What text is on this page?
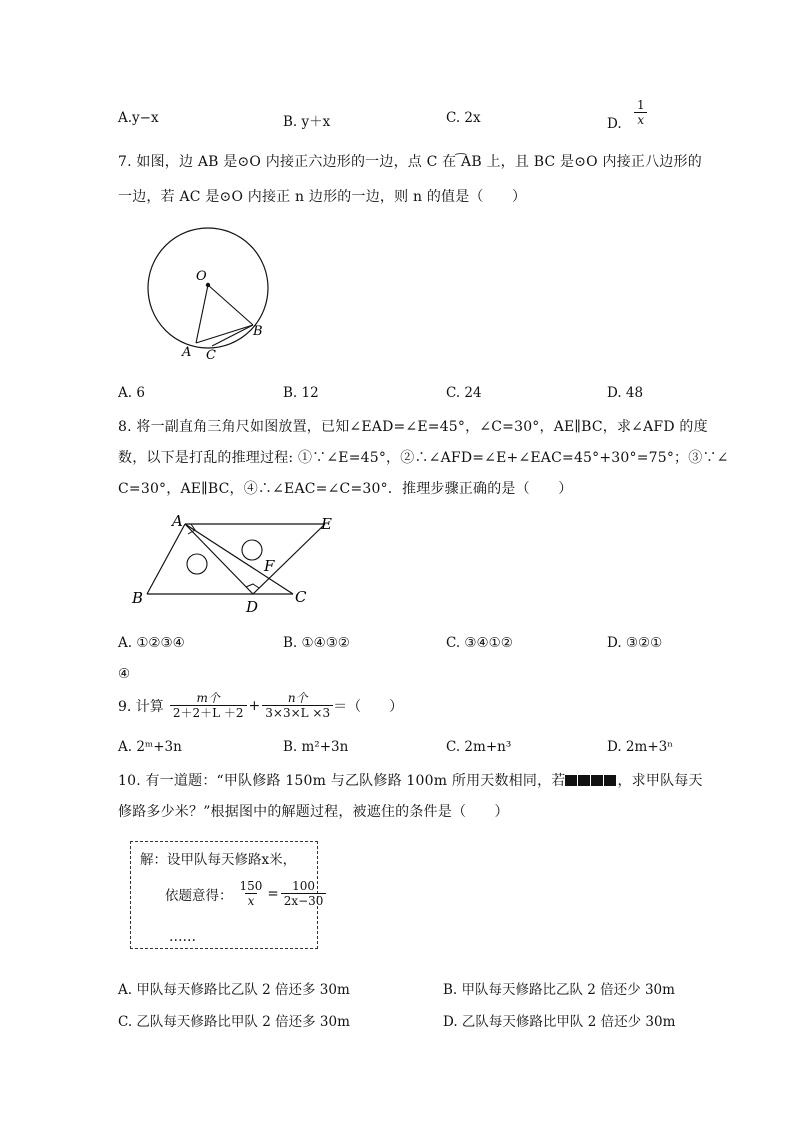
A.y−x	B. y＋x	C. 2x	D. $\frac{1}{x}$
7. 如图，边 AB 是⊙O 内接正六边形的一边，点 C 在 ͡AB 上，且 BC 是⊙O 内接正八边形的
一边，若 AC 是⊙O 内接正 n 边形的一边，则 n 的值是（　　）
O
A C
B
A. 6	B. 12	C. 24	D. 48
8. 将一副直角三角尺如图放置，已知∠EAD=∠E=45°，∠C=30°，AE∥BC，求∠AFD 的度
数，以下是打乱的推理过程: ①∵∠E=45°，②∴∠AFD=∠E+∠EAC=45°+30°=75°；③∵∠
C=30°，AE∥BC，④∴∠EAC=∠C=30°．推理步骤正确的是（　　）
A	E
F
B	D
C
A. ①②③④	B. ①④③②	C. ③④①②	D. ③②①
④
9. 计算 $\frac{\text{m个}}{2+2+L +2} + \frac{\text{n个}}{3\times 3\times L \times 3}$ ＝（　　）
A. 2ᵐ+3n	B. m²+3n	C. 2m+n³	D. 2m+3ⁿ
10. 有一道题：“甲队修路 150m 与乙队修路 100m 所用天数相同，若	，求甲队每天
修路多少米？”根据图中的解题过程，被遮住的条件是（　　）
解：设甲队每天修路x米，
依题意得： $\frac{150}{x} = \frac{100}{2x-30}$
……
A. 甲队每天修路比乙队 2 倍还多 30m	B. 甲队每天修路比乙队 2 倍还少 30m
C. 乙队每天修路比甲队 2 倍还多 30m	D. 乙队每天修路比甲队 2 倍还少 30m
